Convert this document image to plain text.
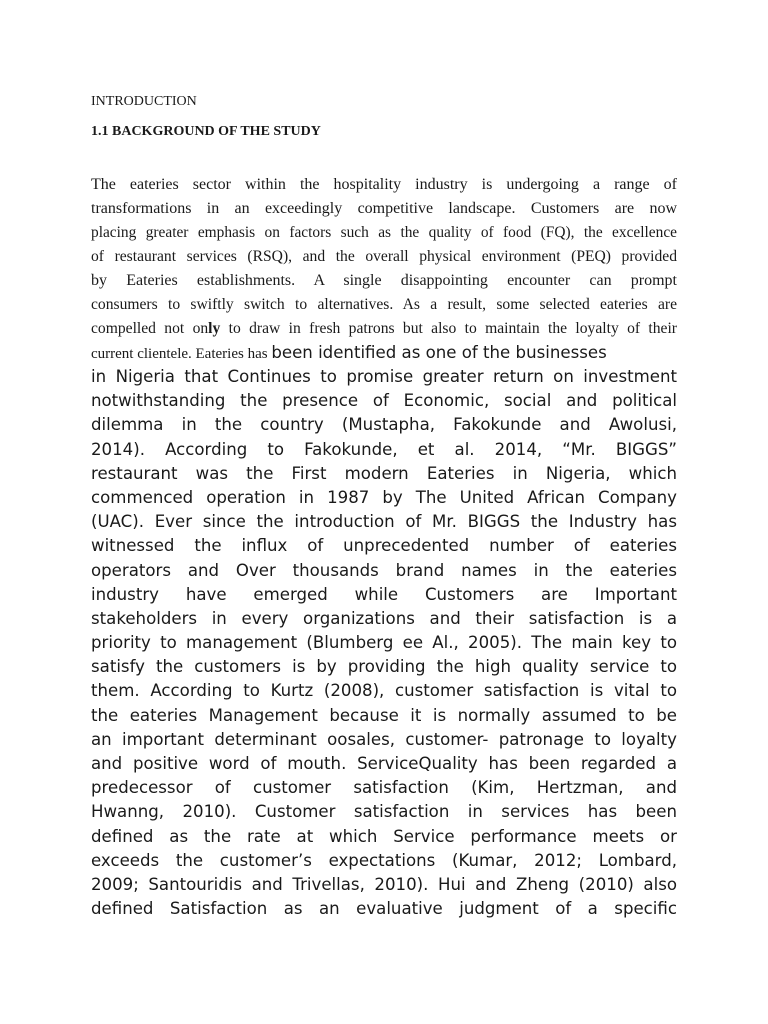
INTRODUCTION
1.1 BACKGROUND OF THE STUDY
The eateries sector within the hospitality industry is undergoing a range of
transformations in an exceedingly competitive landscape. Customers are now
placing greater emphasis on factors such as the quality of food (FQ), the excellence
of restaurant services (RSQ), and the overall physical environment (PEQ) provided
by Eateries establishments. A single disappointing encounter can prompt
consumers to swiftly switch to alternatives. As a result, some selected eateries are
compelled not only to draw in fresh patrons but also to maintain the loyalty of their
current clientele. Eateries has been identified as one of the businesses
in Nigeria that Continues to promise greater return on investment
notwithstanding the presence of Economic, social and political
dilemma in the country (Mustapha, Fakokunde and Awolusi,
2014). According to Fakokunde, et al. 2014, “Mr. BIGGS”
restaurant was the First modern Eateries in Nigeria, which
commenced operation in 1987 by The United African Company
(UAC). Ever since the introduction of Mr. BIGGS the Industry has
witnessed the influx of unprecedented number of eateries
operators and Over thousands brand names in the eateries
industry have emerged while Customers are Important
stakeholders in every organizations and their satisfaction is a
priority to management (Blumberg ee Al., 2005). The main key to
satisfy the customers is by providing the high quality service to
them. According to Kurtz (2008), customer satisfaction is vital to
the eateries Management because it is normally assumed to be
an important determinant oosales, customer- patronage to loyalty
and positive word of mouth. ServiceQuality has been regarded a
predecessor of customer satisfaction (Kim, Hertzman, and
Hwanng, 2010). Customer satisfaction in services has been
defined as the rate at which Service performance meets or
exceeds the customer’s expectations (Kumar, 2012; Lombard,
2009; Santouridis and Trivellas, 2010). Hui and Zheng (2010) also
defined Satisfaction as an evaluative judgment of a specific
